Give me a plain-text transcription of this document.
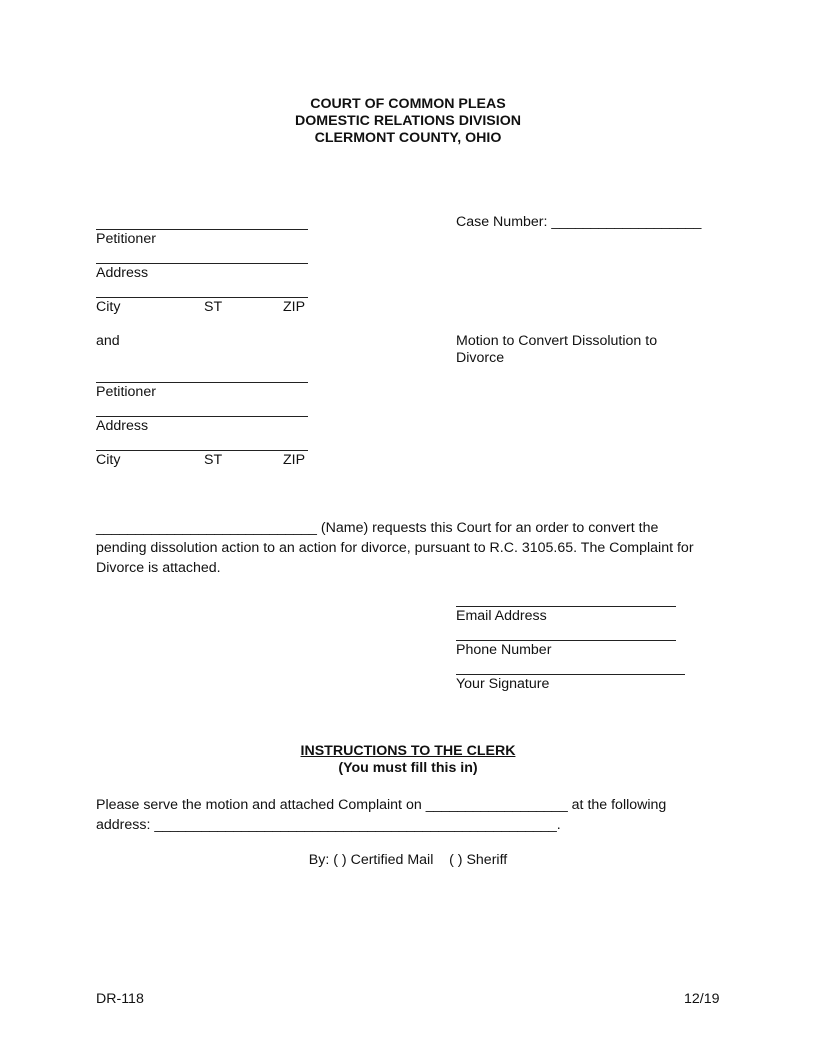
COURT OF COMMON PLEAS
DOMESTIC RELATIONS DIVISION
CLERMONT COUNTY, OHIO
Petitioner
Address
City	ST	ZIP
and
Petitioner
Address
City	ST	ZIP
Case Number: ___________________
Motion to Convert Dissolution to
Divorce
____________________________ (Name) requests this Court for an order to convert the
pending dissolution action to an action for divorce, pursuant to R.C. 3105.65. The Complaint for
Divorce is attached.
Email Address
Phone Number
Your Signature
INSTRUCTIONS TO THE CLERK
(You must fill this in)
Please serve the motion and attached Complaint on __________________ at the following
address: ___________________________________________________.
By: ( ) Certified Mail    ( ) Sheriff
DR-118	12/19
